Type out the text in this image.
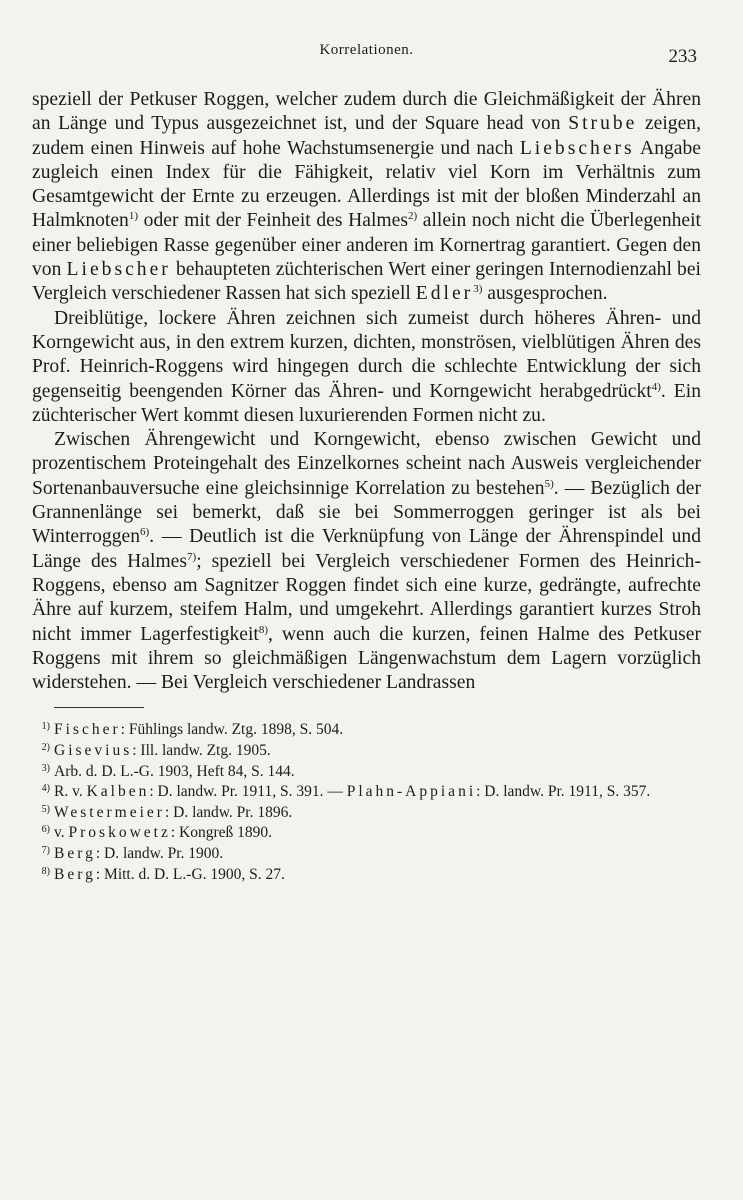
Korrelationen.	233

speziell der Petkuser Roggen, welcher zudem durch die Gleichmäßigkeit der Ähren an Länge und Typus ausgezeichnet ist, und der Square head von Strube zeigen, zudem einen Hinweis auf hohe Wachstumsenergie und nach Liebschers Angabe zugleich einen Index für die Fähigkeit, relativ viel Korn im Verhältnis zum Gesamtgewicht der Ernte zu erzeugen. Allerdings ist mit der bloßen Minderzahl an Halmknoten$^{1)}$ oder mit der Feinheit des Halmes$^{2)}$ allein noch nicht die Überlegenheit einer beliebigen Rasse gegenüber einer anderen im Kornertrag garantiert. Gegen den von Liebscher behaupteten züchterischen Wert einer geringen Internodienzahl bei Vergleich verschiedener Rassen hat sich speziell Edler$^{3)}$ ausgesprochen.

Dreiblütige, lockere Ähren zeichnen sich zumeist durch höheres Ähren- und Korngewicht aus, in den extrem kurzen, dichten, monströsen, vielblütigen Ähren des Prof. Heinrich-Roggens wird hingegen durch die schlechte Entwicklung der sich gegenseitig beengenden Körner das Ähren- und Korngewicht herabgedrückt$^{4)}$. Ein züchterischer Wert kommt diesen luxurierenden Formen nicht zu.

Zwischen Ährengewicht und Korngewicht, ebenso zwischen Gewicht und prozentischem Proteingehalt des Einzelkornes scheint nach Ausweis vergleichender Sortenanbauversuche eine gleichsinnige Korrelation zu bestehen$^{5)}$. — Bezüglich der Grannenlänge sei bemerkt, daß sie bei Sommerroggen geringer ist als bei Winterroggen$^{6)}$. — Deutlich ist die Verknüpfung von Länge der Ährenspindel und Länge des Halmes$^{7)}$; speziell bei Vergleich verschiedener Formen des Heinrich-Roggens, ebenso am Sagnitzer Roggen findet sich eine kurze, gedrängte, aufrechte Ähre auf kurzem, steifem Halm, und umgekehrt. Allerdings garantiert kurzes Stroh nicht immer Lagerfestigkeit$^{8)}$, wenn auch die kurzen, feinen Halme des Petkuser Roggens mit ihrem so gleichmäßigen Längenwachstum dem Lagern vorzüglich widerstehen. — Bei Vergleich verschiedener Landrassen

$^{1)}$ Fischer: Fühlings landw. Ztg. 1898, S. 504.
$^{2)}$ Gisevius: Ill. landw. Ztg. 1905.
$^{3)}$ Arb. d. D. L.-G. 1903, Heft 84, S. 144.
$^{4)}$ R. v. Kalben: D. landw. Pr. 1911, S. 391. — Plahn-Appiani: D. landw. Pr. 1911, S. 357.
$^{5)}$ Westermeier: D. landw. Pr. 1896.
$^{6)}$ v. Proskowetz: Kongreß 1890.
$^{7)}$ Berg: D. landw. Pr. 1900.
$^{8)}$ Berg: Mitt. d. D. L.-G. 1900, S. 27.
